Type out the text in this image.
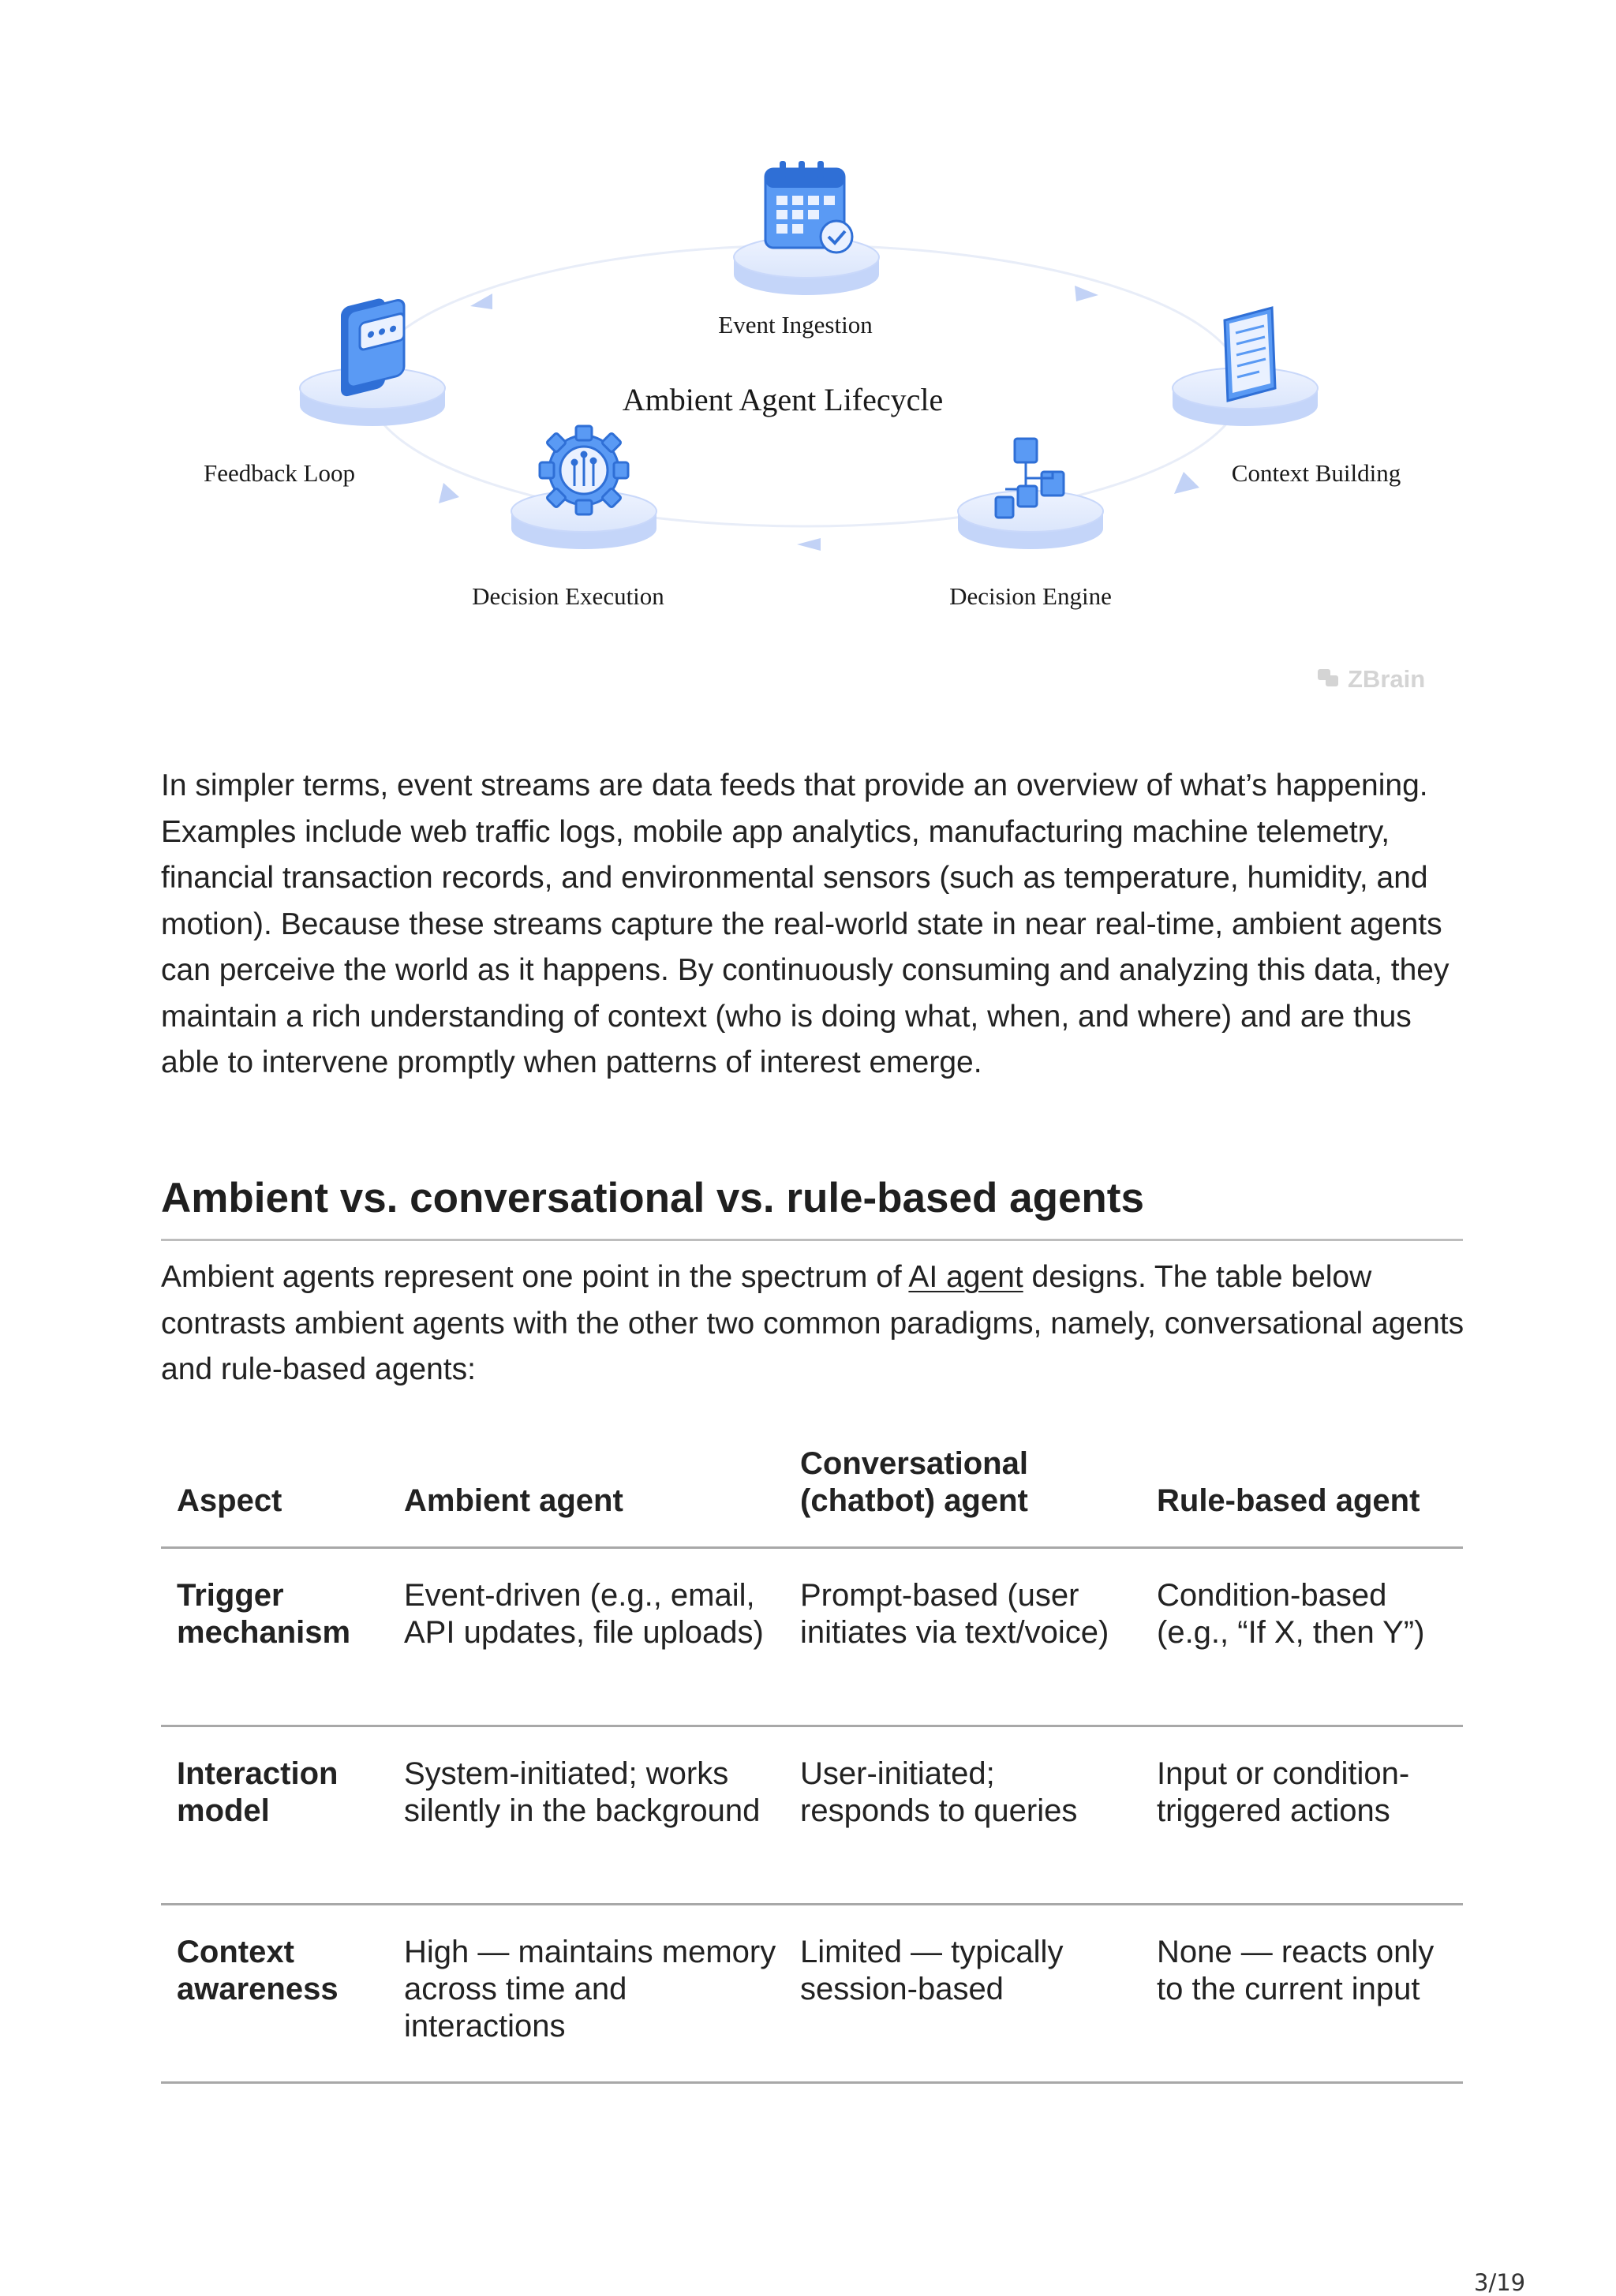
Event Ingestion
Context Building
Decision Engine
Decision Execution
Feedback Loop
Ambient Agent Lifecycle
ZBrain

In simpler terms, event streams are data feeds that provide an overview of what’s happening. Examples include web traffic logs, mobile app analytics, manufacturing machine telemetry, financial transaction records, and environmental sensors (such as temperature, humidity, and motion). Because these streams capture the real-world state in near real-time, ambient agents can perceive the world as it happens. By continuously consuming and analyzing this data, they maintain a rich understanding of context (who is doing what, when, and where) and are thus able to intervene promptly when patterns of interest emerge.

Ambient vs. conversational vs. rule-based agents

Ambient agents represent one point in the spectrum of AI agent designs. The table below contrasts ambient agents with the other two common paradigms, namely, conversational agents and rule-based agents:

Aspect	Ambient agent	Conversational (chatbot) agent	Rule-based agent
Trigger mechanism	Event-driven (e.g., email, API updates, file uploads)	Prompt-based (user initiates via text/voice)	Condition-based (e.g., “If X, then Y”)
Interaction model	System-initiated; works silently in the background	User-initiated; responds to queries	Input or condition-triggered actions
Context awareness	High — maintains memory across time and interactions	Limited — typically session-based	None — reacts only to the current input
3/19
